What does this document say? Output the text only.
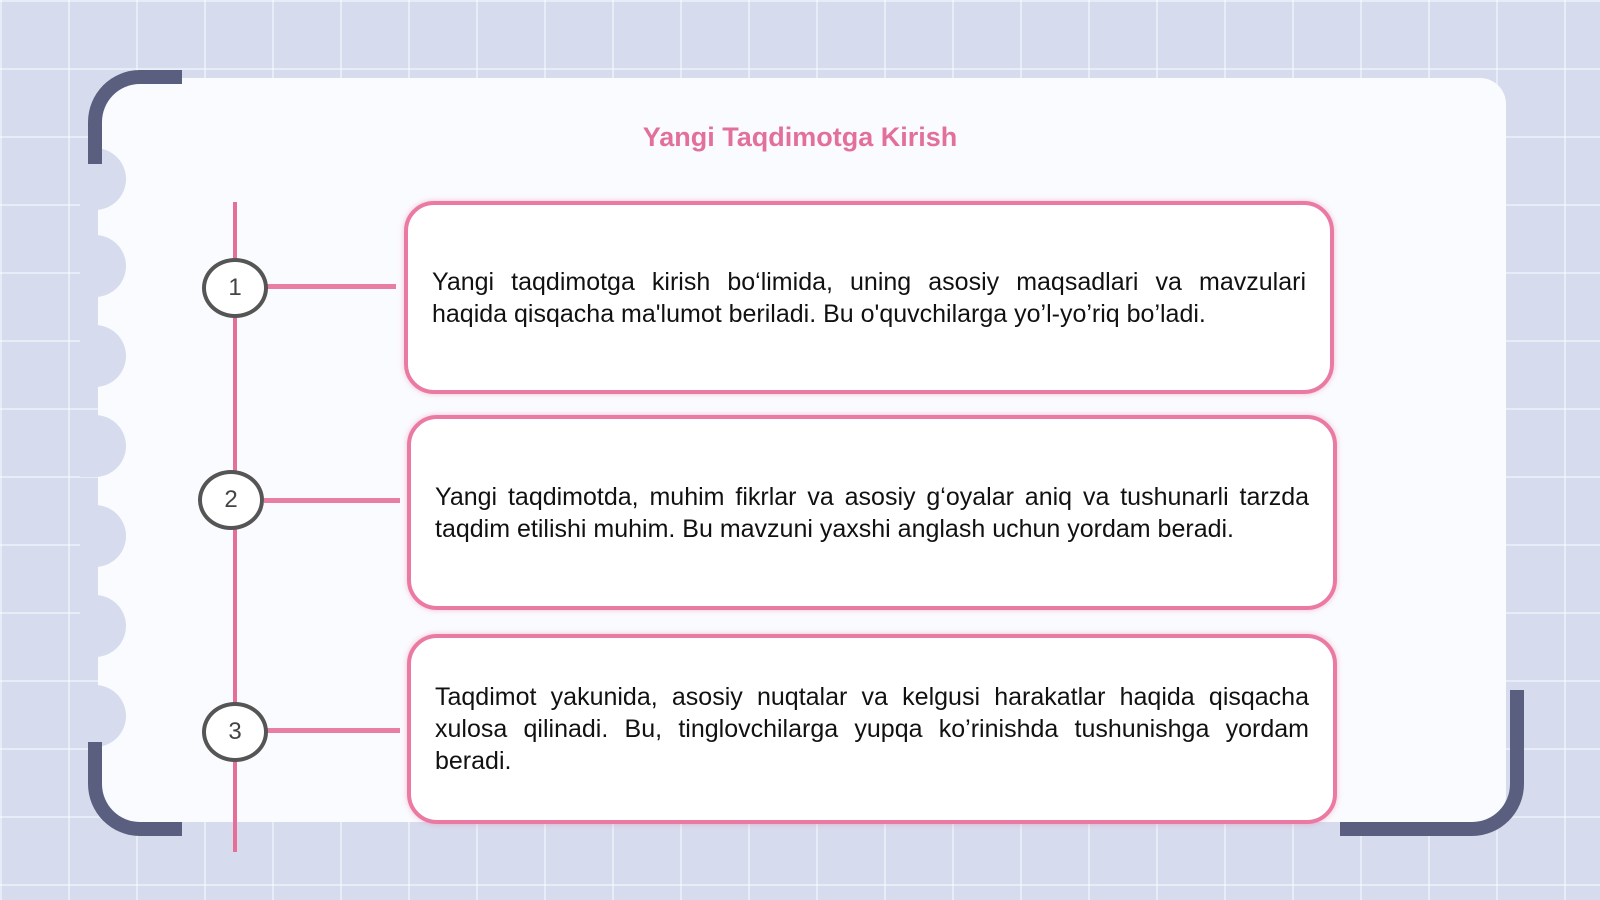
Yangi Taqdimotga Kirish
1	Yangi taqdimotga kirish bo‘limida, uning asosiy maqsadlari va mavzulari haqida qisqacha ma'lumot beriladi. Bu o'quvchilarga yo’l-yo’riq bo’ladi.
2	Yangi taqdimotda, muhim fikrlar va asosiy g‘oyalar aniq va tushunarli tarzda taqdim etilishi muhim. Bu mavzuni yaxshi anglash uchun yordam beradi.
3
Taqdimot yakunida, asosiy nuqtalar va kelgusi harakatlar haqida qisqacha xulosa qilinadi. Bu, tinglovchilarga yupqa ko’rinishda tushunishga yordam beradi.
